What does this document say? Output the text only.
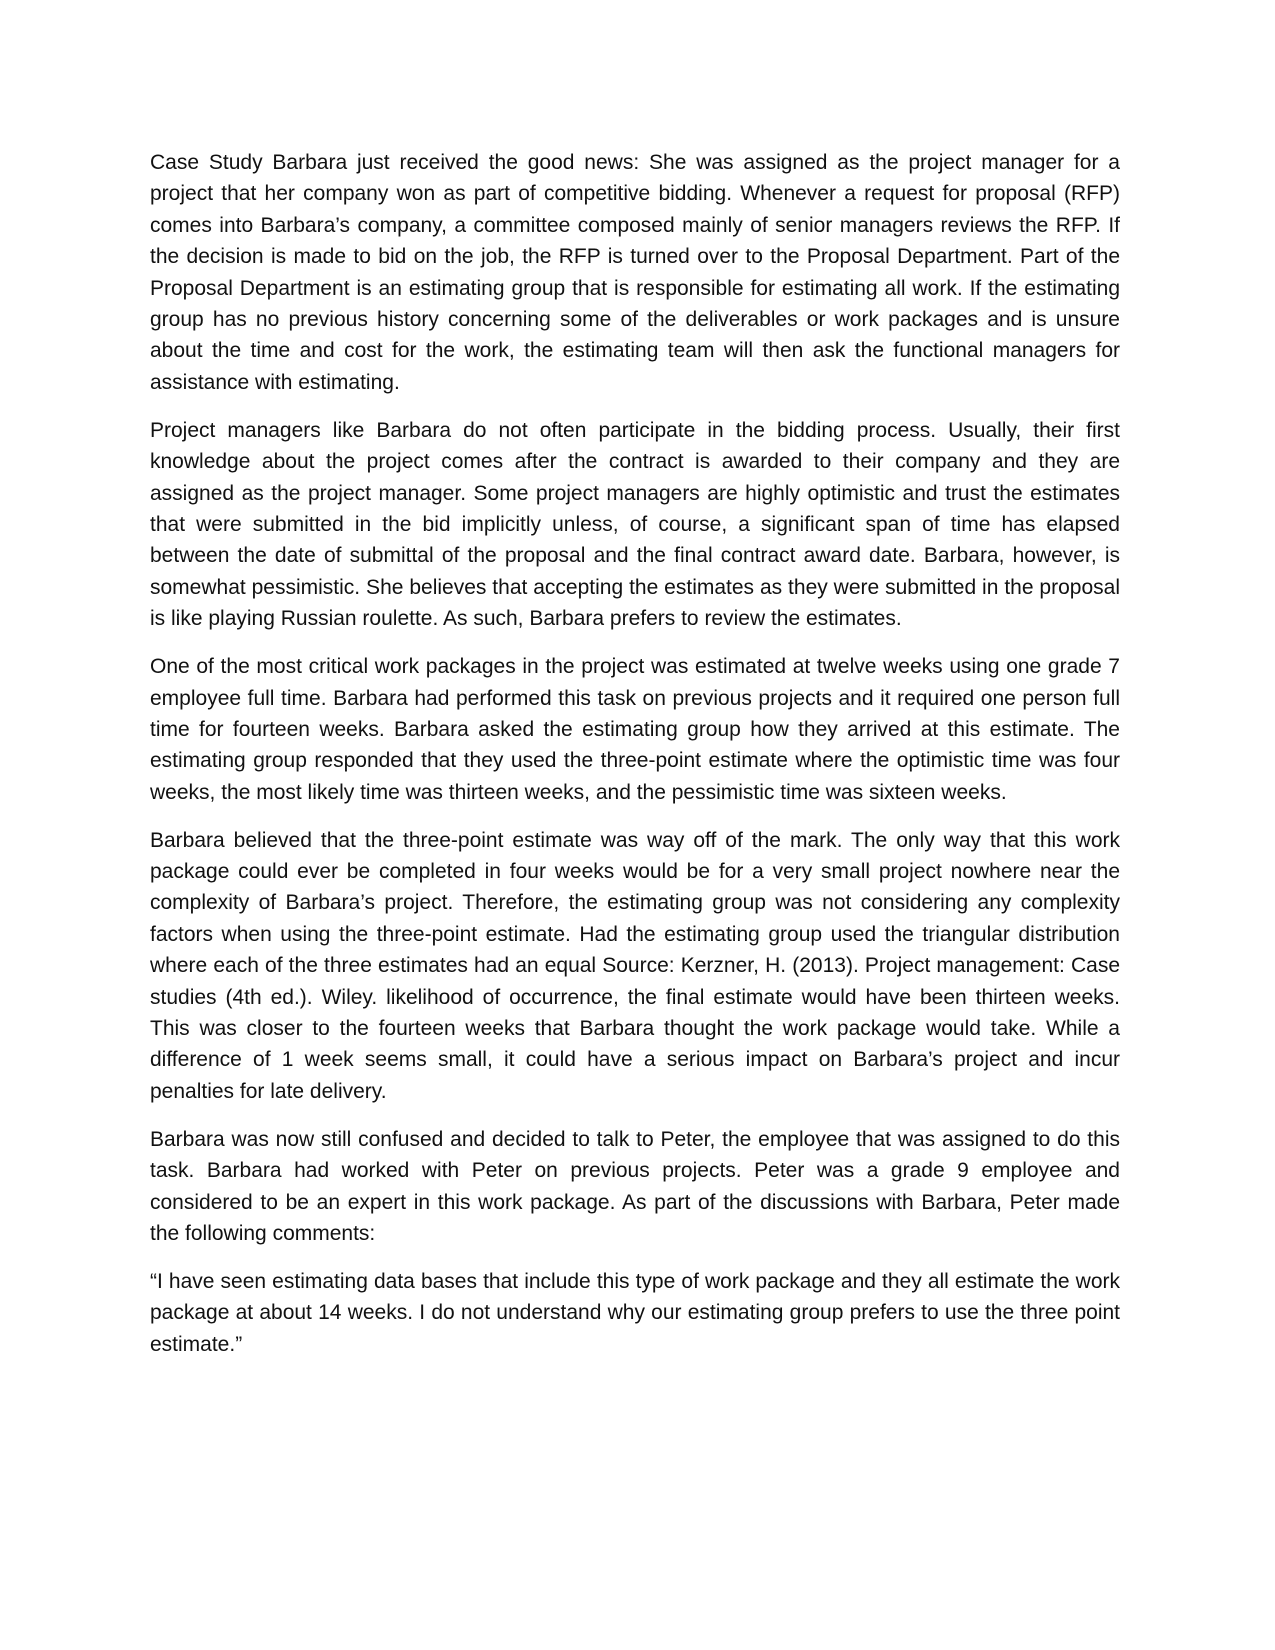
Case Study Barbara just received the good news: She was assigned as the project manager for a project that her company won as part of competitive bidding. Whenever a request for proposal (RFP) comes into Barbara’s company, a committee composed mainly of senior managers reviews the RFP. If the decision is made to bid on the job, the RFP is turned over to the Proposal Department. Part of the Proposal Department is an estimating group that is responsible for estimating all work. If the estimating group has no previous history concerning some of the deliverables or work packages and is unsure about the time and cost for the work, the estimating team will then ask the functional managers for assistance with estimating.

Project managers like Barbara do not often participate in the bidding process. Usually, their first knowledge about the project comes after the contract is awarded to their company and they are assigned as the project manager. Some project managers are highly optimistic and trust the estimates that were submitted in the bid implicitly unless, of course, a significant span of time has elapsed between the date of submittal of the proposal and the final contract award date. Barbara, however, is somewhat pessimistic. She believes that accepting the estimates as they were submitted in the proposal is like playing Russian roulette. As such, Barbara prefers to review the estimates.

One of the most critical work packages in the project was estimated at twelve weeks using one grade 7 employee full time. Barbara had performed this task on previous projects and it required one person full time for fourteen weeks. Barbara asked the estimating group how they arrived at this estimate. The estimating group responded that they used the three-point estimate where the optimistic time was four weeks, the most likely time was thirteen weeks, and the pessimistic time was sixteen weeks.

Barbara believed that the three-point estimate was way off of the mark. The only way that this work package could ever be completed in four weeks would be for a very small project nowhere near the complexity of Barbara’s project. Therefore, the estimating group was not considering any complexity factors when using the three-point estimate. Had the estimating group used the triangular distribution where each of the three estimates had an equal Source: Kerzner, H. (2013). Project management: Case studies (4th ed.). Wiley. likelihood of occurrence, the final estimate would have been thirteen weeks. This was closer to the fourteen weeks that Barbara thought the work package would take. While a difference of 1 week seems small, it could have a serious impact on Barbara’s project and incur penalties for late delivery.

Barbara was now still confused and decided to talk to Peter, the employee that was assigned to do this task. Barbara had worked with Peter on previous projects. Peter was a grade 9 employee and considered to be an expert in this work package. As part of the discussions with Barbara, Peter made the following comments:

“I have seen estimating data bases that include this type of work package and they all estimate the work package at about 14 weeks. I do not understand why our estimating group prefers to use the three point estimate.”
